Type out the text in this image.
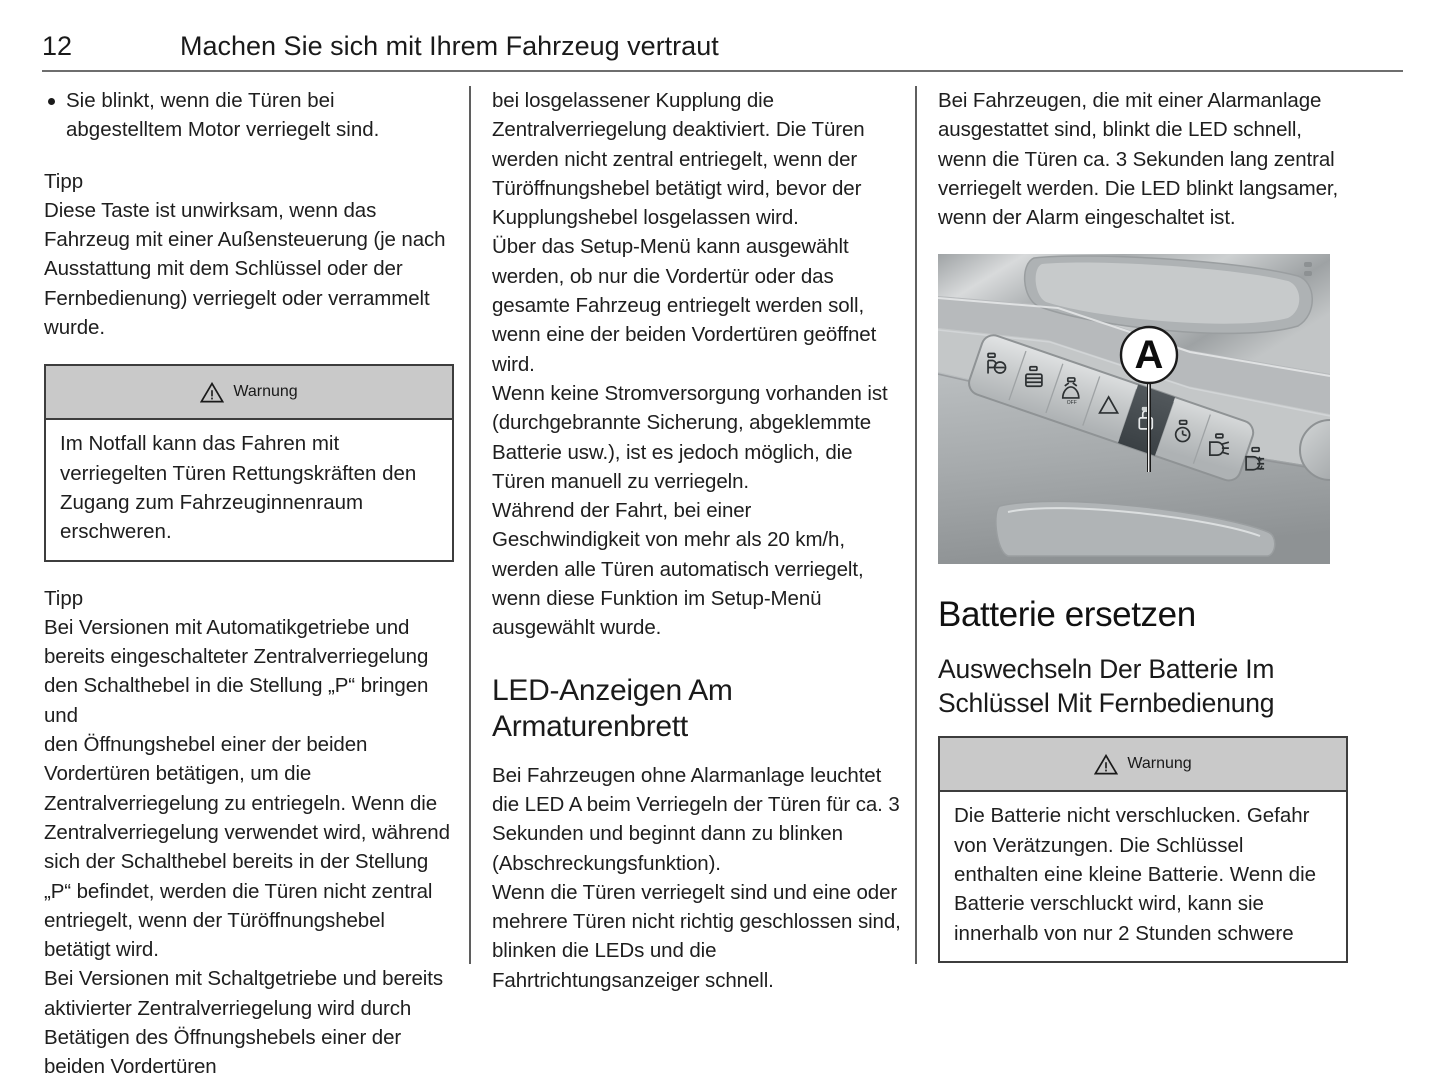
12	Machen Sie sich mit Ihrem Fahrzeug vertraut
Sie blinkt, wenn die Türen bei abgestelltem Motor verriegelt sind.

Tipp

Diese Taste ist unwirksam, wenn das Fahrzeug mit einer Außensteuerung (je nach Ausstattung mit dem Schlüssel oder der Fernbedienung) verriegelt oder verrammelt wurde.

Warnung
Im Notfall kann das Fahren mit verriegelten Türen Rettungskräften den Zugang zum Fahrzeuginnenraum erschweren.

Tipp

Bei Versionen mit Automatikgetriebe und bereits eingeschalteter Zentralverriegelung den Schalthebel in die Stellung „P“ bringen und

den Öffnungshebel einer der beiden Vordertüren betätigen, um die Zentralverriegelung zu entriegeln. Wenn die Zentralverriegelung verwendet wird, während sich der Schalthebel bereits in der Stellung „P“ befindet, werden die Türen nicht zentral entriegelt, wenn der Türöffnungshebel betätigt wird.

Bei Versionen mit Schaltgetriebe und bereits aktivierter Zentralverriegelung wird durch Betätigen des Öffnungshebels einer der beiden Vordertüren

bei losgelassener Kupplung die Zentralverriegelung deaktiviert. Die Türen werden nicht zentral entriegelt, wenn der Türöffnungshebel betätigt wird, bevor der Kupplungshebel losgelassen wird.

Über das Setup-Menü kann ausgewählt werden, ob nur die Vordertür oder das gesamte Fahrzeug entriegelt werden soll, wenn eine der beiden Vordertüren geöffnet wird.

Wenn keine Stromversorgung vorhanden ist (durchgebrannte Sicherung, abgeklemmte Batterie usw.), ist es jedoch möglich, die Türen manuell zu verriegeln.

Während der Fahrt, bei einer Geschwindigkeit von mehr als 20 km/h, werden alle Türen automatisch verriegelt, wenn diese Funktion im Setup-Menü ausgewählt wurde.

LED-Anzeigen Am Armaturenbrett

Bei Fahrzeugen ohne Alarmanlage leuchtet die LED A beim Verriegeln der Türen für ca. 3 Sekunden und beginnt dann zu blinken (Abschreckungsfunktion).

Wenn die Türen verriegelt sind und eine oder mehrere Türen nicht richtig geschlossen sind, blinken die LEDs und die Fahrtrichtungsanzeiger schnell.

Bei Fahrzeugen, die mit einer Alarmanlage ausgestattet sind, blinkt die LED schnell, wenn die Türen ca. 3 Sekunden lang zentral verriegelt werden. Die LED blinkt langsamer, wenn der Alarm eingeschaltet ist.

OFF
A
Batterie ersetzen
Auswechseln Der Batterie Im Schlüssel Mit Fernbedienung
Warnung
Die Batterie nicht verschlucken. Gefahr von Verätzungen. Die Schlüssel enthalten eine kleine Batterie. Wenn die Batterie verschluckt wird, kann sie innerhalb von nur 2 Stunden schwere
